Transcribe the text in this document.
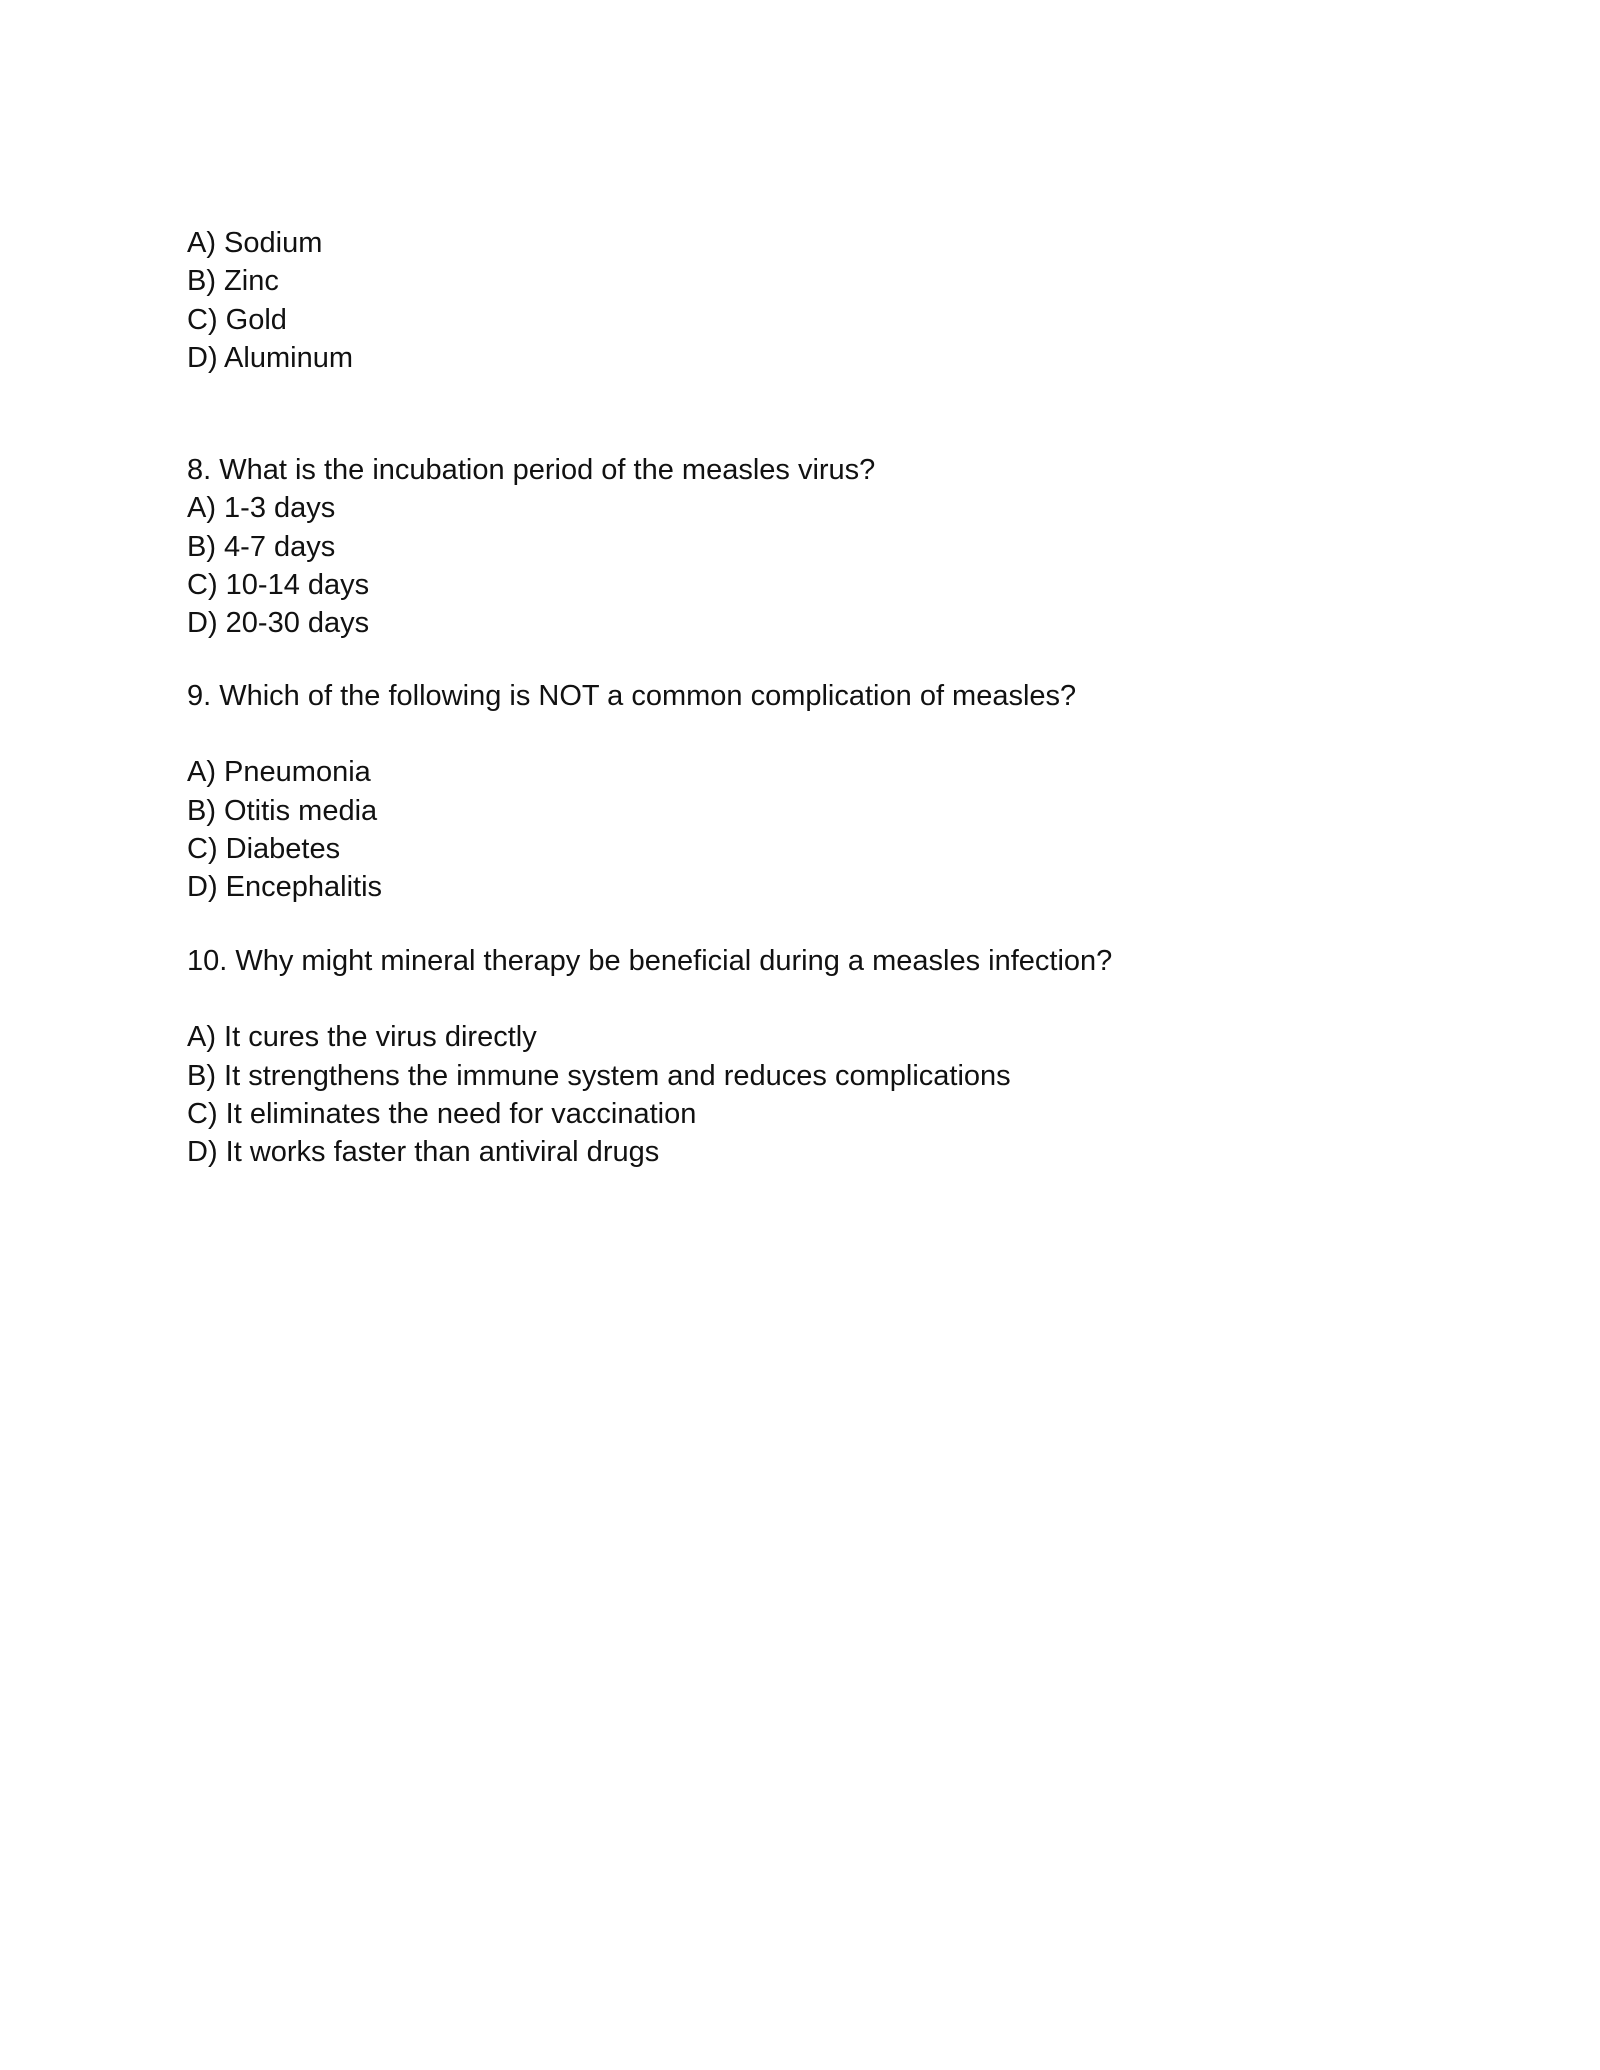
A) Sodium

B) Zinc

C) Gold

D) Aluminum

8. What is the incubation period of the measles virus?

A) 1-3 days

B) 4-7 days

C) 10-14 days

D) 20-30 days

9. Which of the following is NOT a common complication of measles?

A) Pneumonia

B) Otitis media

C) Diabetes

D) Encephalitis

10. Why might mineral therapy be beneficial during a measles infection?

A) It cures the virus directly

B) It strengthens the immune system and reduces complications

C) It eliminates the need for vaccination

D) It works faster than antiviral drugs
